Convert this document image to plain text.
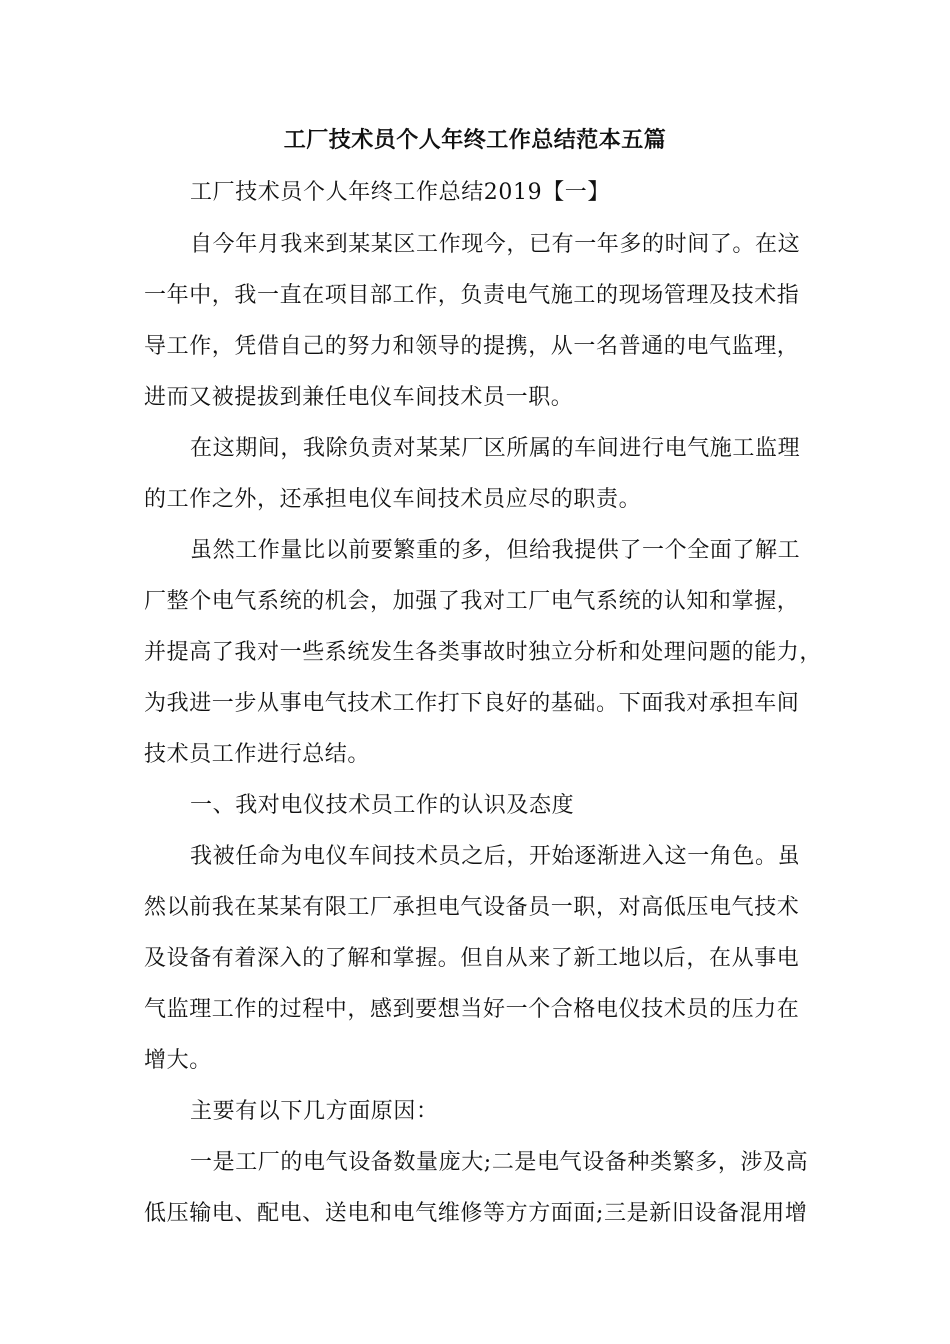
工厂技术员个人年终工作总结范本五篇
工厂技术员个人年终工作总结2019【一】
自今年月我来到某某区工作现今，已有一年多的时间了。在这
一年中，我一直在项目部工作，负责电气施工的现场管理及技术指
导工作，凭借自己的努力和领导的提携，从一名普通的电气监理，
进而又被提拔到兼任电仪车间技术员一职。
在这期间，我除负责对某某厂区所属的车间进行电气施工监理
的工作之外，还承担电仪车间技术员应尽的职责。
虽然工作量比以前要繁重的多，但给我提供了一个全面了解工
厂整个电气系统的机会，加强了我对工厂电气系统的认知和掌握，
并提高了我对一些系统发生各类事故时独立分析和处理问题的能力，
为我进一步从事电气技术工作打下良好的基础。下面我对承担车间
技术员工作进行总结。
一、我对电仪技术员工作的认识及态度
我被任命为电仪车间技术员之后，开始逐渐进入这一角色。虽
然以前我在某某有限工厂承担电气设备员一职，对高低压电气技术
及设备有着深入的了解和掌握。但自从来了新工地以后，在从事电
气监理工作的过程中，感到要想当好一个合格电仪技术员的压力在
增大。
主要有以下几方面原因：
一是工厂的电气设备数量庞大;二是电气设备种类繁多，涉及高
低压输电、配电、送电和电气维修等方方面面;三是新旧设备混用增
